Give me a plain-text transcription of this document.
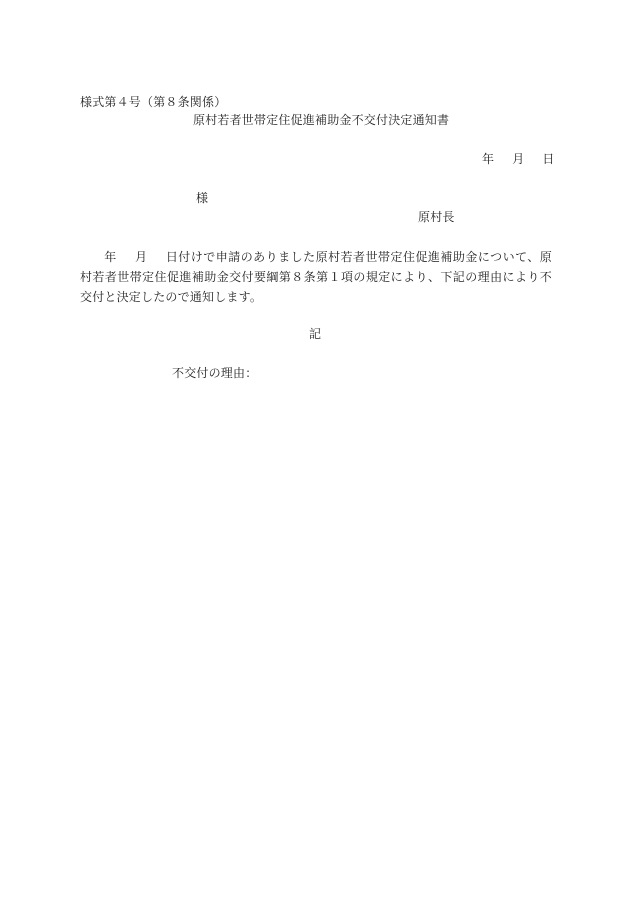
様式第４号（第８条関係）
原村若者世帯定住促進補助金不交付決定通知書
年 月 日
様
原村長
年 月 日付けで申請のありました原村若者世帯定住促進補助金について、原村若者世帯定住促進補助金交付要綱第８条第１項の規定により、下記の理由により不交付と決定したので通知します。
記
不交付の理由：
